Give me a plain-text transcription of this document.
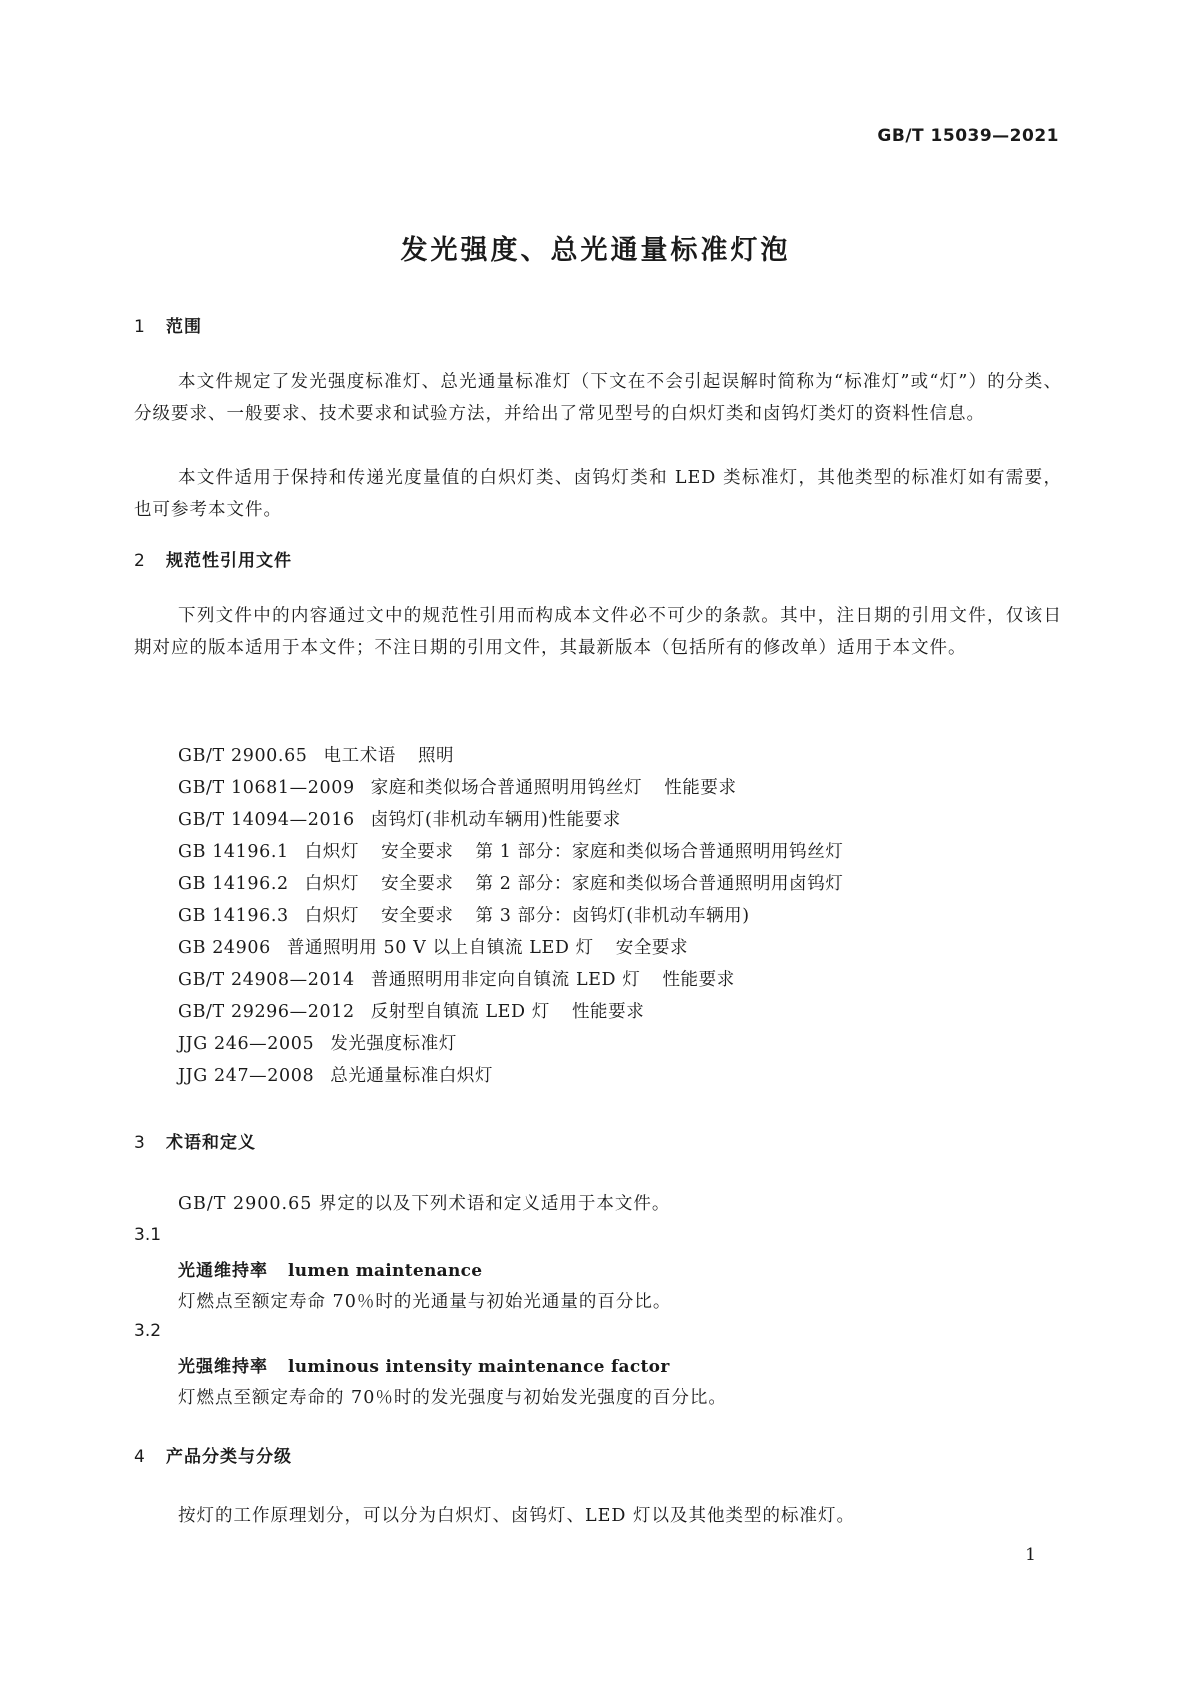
GB/T 15039—2021
发光强度、总光通量标准灯泡
1 范围

本文件规定了发光强度标准灯、总光通量标准灯（下文在不会引起误解时简称为“标准灯”或“灯”）的分类、分级要求、一般要求、技术要求和试验方法，并给出了常见型号的白炽灯类和卤钨灯类灯的资料性信息。

本文件适用于保持和传递光度量值的白炽灯类、卤钨灯类和 LED 类标准灯，其他类型的标准灯如有需要，也可参考本文件。

2 规范性引用文件

下列文件中的内容通过文中的规范性引用而构成本文件必不可少的条款。其中，注日期的引用文件，仅该日期对应的版本适用于本文件；不注日期的引用文件，其最新版本（包括所有的修改单）适用于本文件。

GB/T 2900.65 电工术语 照明
GB/T 10681—2009 家庭和类似场合普通照明用钨丝灯 性能要求
GB/T 14094—2016 卤钨灯(非机动车辆用)性能要求
GB 14196.1 白炽灯 安全要求 第 1 部分：家庭和类似场合普通照明用钨丝灯
GB 14196.2 白炽灯 安全要求 第 2 部分：家庭和类似场合普通照明用卤钨灯
GB 14196.3 白炽灯 安全要求 第 3 部分：卤钨灯(非机动车辆用)
GB 24906 普通照明用 50 V 以上自镇流 LED 灯 安全要求
GB/T 24908—2014 普通照明用非定向自镇流 LED 灯 性能要求
GB/T 29296—2012 反射型自镇流 LED 灯 性能要求
JJG 246—2005 发光强度标准灯
JJG 247—2008 总光通量标准白炽灯
3 术语和定义

GB/T 2900.65 界定的以及下列术语和定义适用于本文件。

3.1
光通维持率 lumen maintenance
灯燃点至额定寿命 70％时的光通量与初始光通量的百分比。
3.2
光强维持率 luminous intensity maintenance factor
灯燃点至额定寿命的 70％时的发光强度与初始发光强度的百分比。
4 产品分类与分级

按灯的工作原理划分，可以分为白炽灯、卤钨灯、LED 灯以及其他类型的标准灯。

1
